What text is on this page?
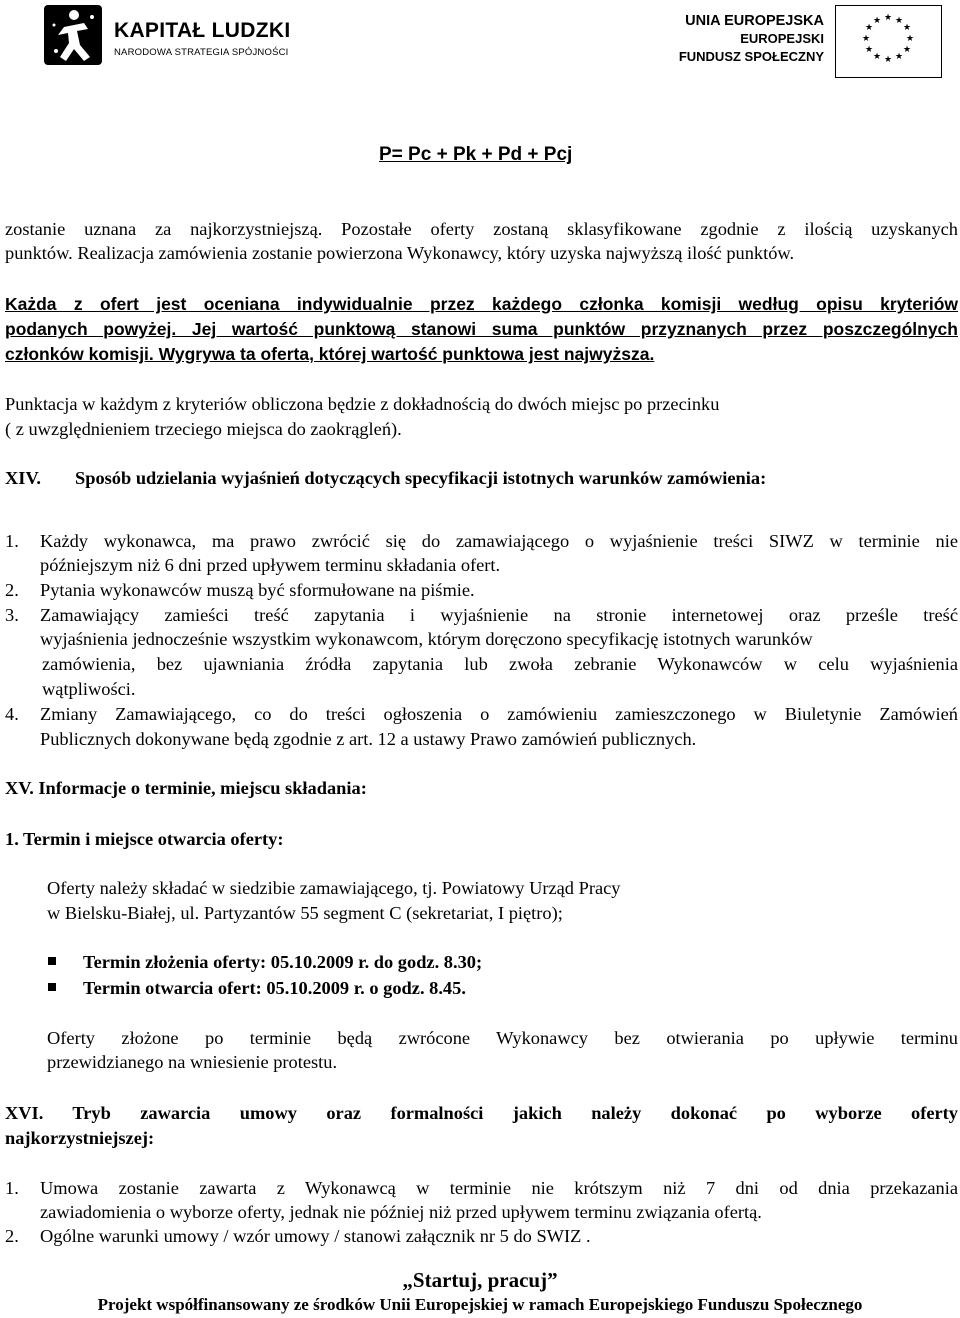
KAPITAŁ LUDZKI
NARODOWA STRATEGIA SPÓJNOŚCI
UNIA EUROPEJSKA
EUROPEJSKI
FUNDUSZ SPOŁECZNY
★ ★
★
★
★
★
★
★
★
★
★
★
P= Pc + Pk + Pd + Pcj
zostanie uznana za najkorzystniejszą. Pozostałe oferty zostaną sklasyfikowane zgodnie z ilością uzyskanych
punktów. Realizacja zamówienia zostanie powierzona Wykonawcy, który uzyska najwyższą ilość punktów.
Każda z ofert jest oceniana indywidualnie przez każdego członka komisji według opisu kryteriów
podanych powyżej. Jej wartość punktową stanowi suma punktów przyznanych przez poszczególnych
członków komisji. Wygrywa ta oferta, której wartość punktowa jest najwyższa.
Punktacja w każdym z kryteriów obliczona będzie z dokładnością do dwóch miejsc po przecinku
( z uwzględnieniem trzeciego miejsca do zaokrągleń).
XIV. Sposób udzielania wyjaśnień dotyczących specyfikacji istotnych warunków zamówienia:
1. Każdy wykonawca, ma prawo zwrócić się do zamawiającego o wyjaśnienie treści SIWZ w terminie nie
późniejszym niż 6 dni przed upływem terminu składania ofert.
2. Pytania wykonawców muszą być sformułowane na piśmie.
3. Zamawiający zamieści treść zapytania i wyjaśnienie na stronie internetowej oraz prześle treść
wyjaśnienia jednocześnie wszystkim wykonawcom, którym doręczono specyfikację istotnych warunków
zamówienia, bez ujawniania źródła zapytania lub zwoła zebranie Wykonawców w celu wyjaśnienia
wątpliwości.
4. Zmiany Zamawiającego, co do treści ogłoszenia o zamówieniu zamieszczonego w Biuletynie Zamówień
Publicznych dokonywane będą zgodnie z art. 12 a ustawy Prawo zamówień publicznych.
XV. Informacje o terminie, miejscu składania:
1. Termin i miejsce otwarcia oferty:
Oferty należy składać w siedzibie zamawiającego, tj. Powiatowy Urząd Pracy
w Bielsku-Białej, ul. Partyzantów 55 segment C (sekretariat, I piętro);
Termin złożenia oferty: 05.10.2009 r. do godz. 8.30;
Termin otwarcia ofert: 05.10.2009 r. o godz. 8.45.
Oferty złożone po terminie będą zwrócone Wykonawcy bez otwierania po upływie terminu
przewidzianego na wniesienie protestu.
XVI. Tryb zawarcia umowy oraz formalności jakich należy dokonać po wyborze oferty
najkorzystniejszej:
1. Umowa zostanie zawarta z Wykonawcą w terminie nie krótszym niż 7 dni od dnia przekazania
zawiadomienia o wyborze oferty, jednak nie później niż przed upływem terminu związania ofertą.
2. Ogólne warunki umowy / wzór umowy / stanowi załącznik nr 5 do SWIZ .
„Startuj, pracuj”
Projekt współfinansowany ze środków Unii Europejskiej w ramach Europejskiego Funduszu Społecznego
